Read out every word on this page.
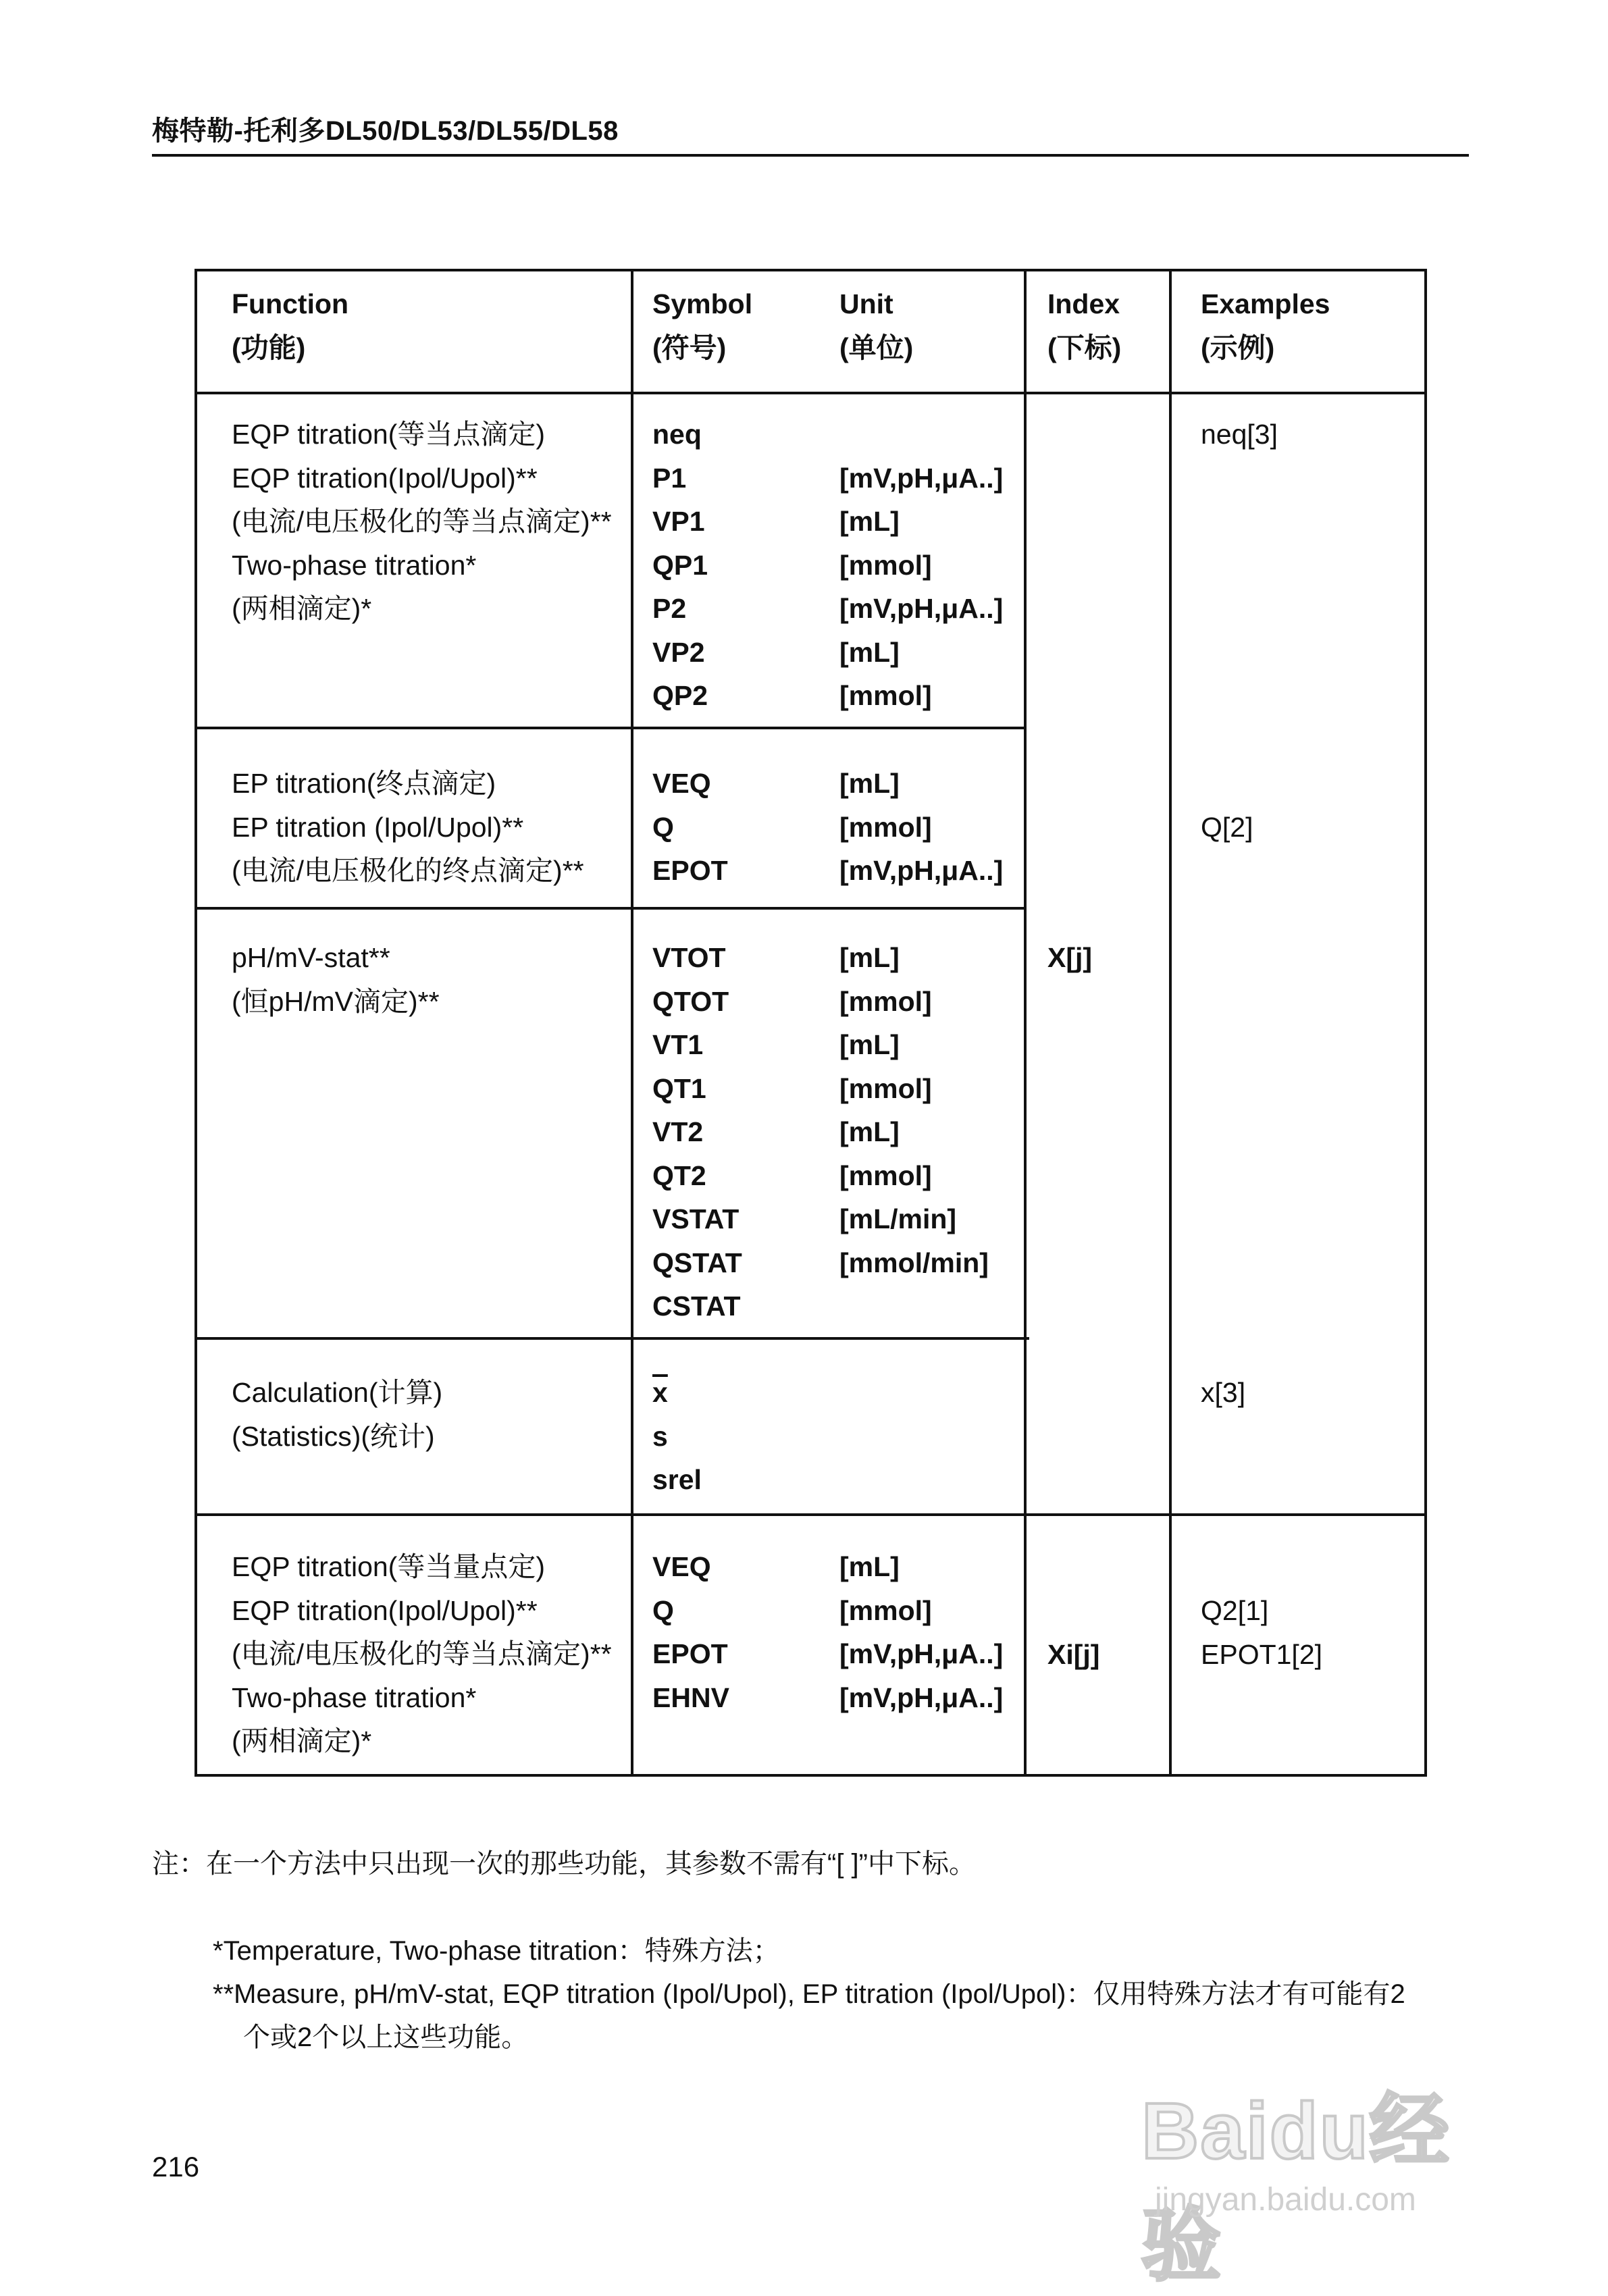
梅特勒-托利多DL50/DL53/DL55/DL58
Function
(功能)
Symbol
(符号)
Unit
(单位)
Index
(下标)
Examples
(示例)
EQP titration(等当点滴定)
EQP titration(Ipol/Upol)**
(电流/电压极化的等当点滴定)**
Two-phase titration*
(两相滴定)*
neq
P1
VP1
QP1
P2
VP2
QP2
[mV,pH,μA..]
[mL]
[mmol]
[mV,pH,μA..]
[mL]
[mmol]
neq[3]
EP titration(终点滴定)
EP titration (Ipol/Upol)**
(电流/电压极化的终点滴定)**
VEQ
Q
EPOT
[mL]
[mmol]
[mV,pH,μA..]
Q[2]
pH/mV-stat**
(恒pH/mV滴定)**
VTOT
QTOT
VT1
QT1
VT2
QT2
VSTAT
QSTAT
CSTAT
[mL]
[mmol]
[mL]
[mmol]
[mL]
[mmol]
[mL/min]
[mmol/min]
X[j]
Calculation(计算)
(Statistics)(统计)
$\overline{x}$
s
srel
x[3]
EQP titration(等当量点定)
EQP titration(Ipol/Upol)**
(电流/电压极化的等当点滴定)**
Two-phase titration*
(两相滴定)*
VEQ
Q
EPOT
EHNV
[mL]
[mmol]
[mV,pH,μA..]
[mV,pH,μA..]
Xi[j]
Q2[1]
EPOT1[2]
注：在一个方法中只出现一次的那些功能，其参数不需有“[ ]”中下标。
*Temperature, Two-phase titration：特殊方法；
**Measure, pH/mV-stat, EQP titration (Ipol/Upol), EP titration (Ipol/Upol)：仅用特殊方法才有可能有2
个或2个以上这些功能。
216	Baidu经验
jingyan.baidu.com
